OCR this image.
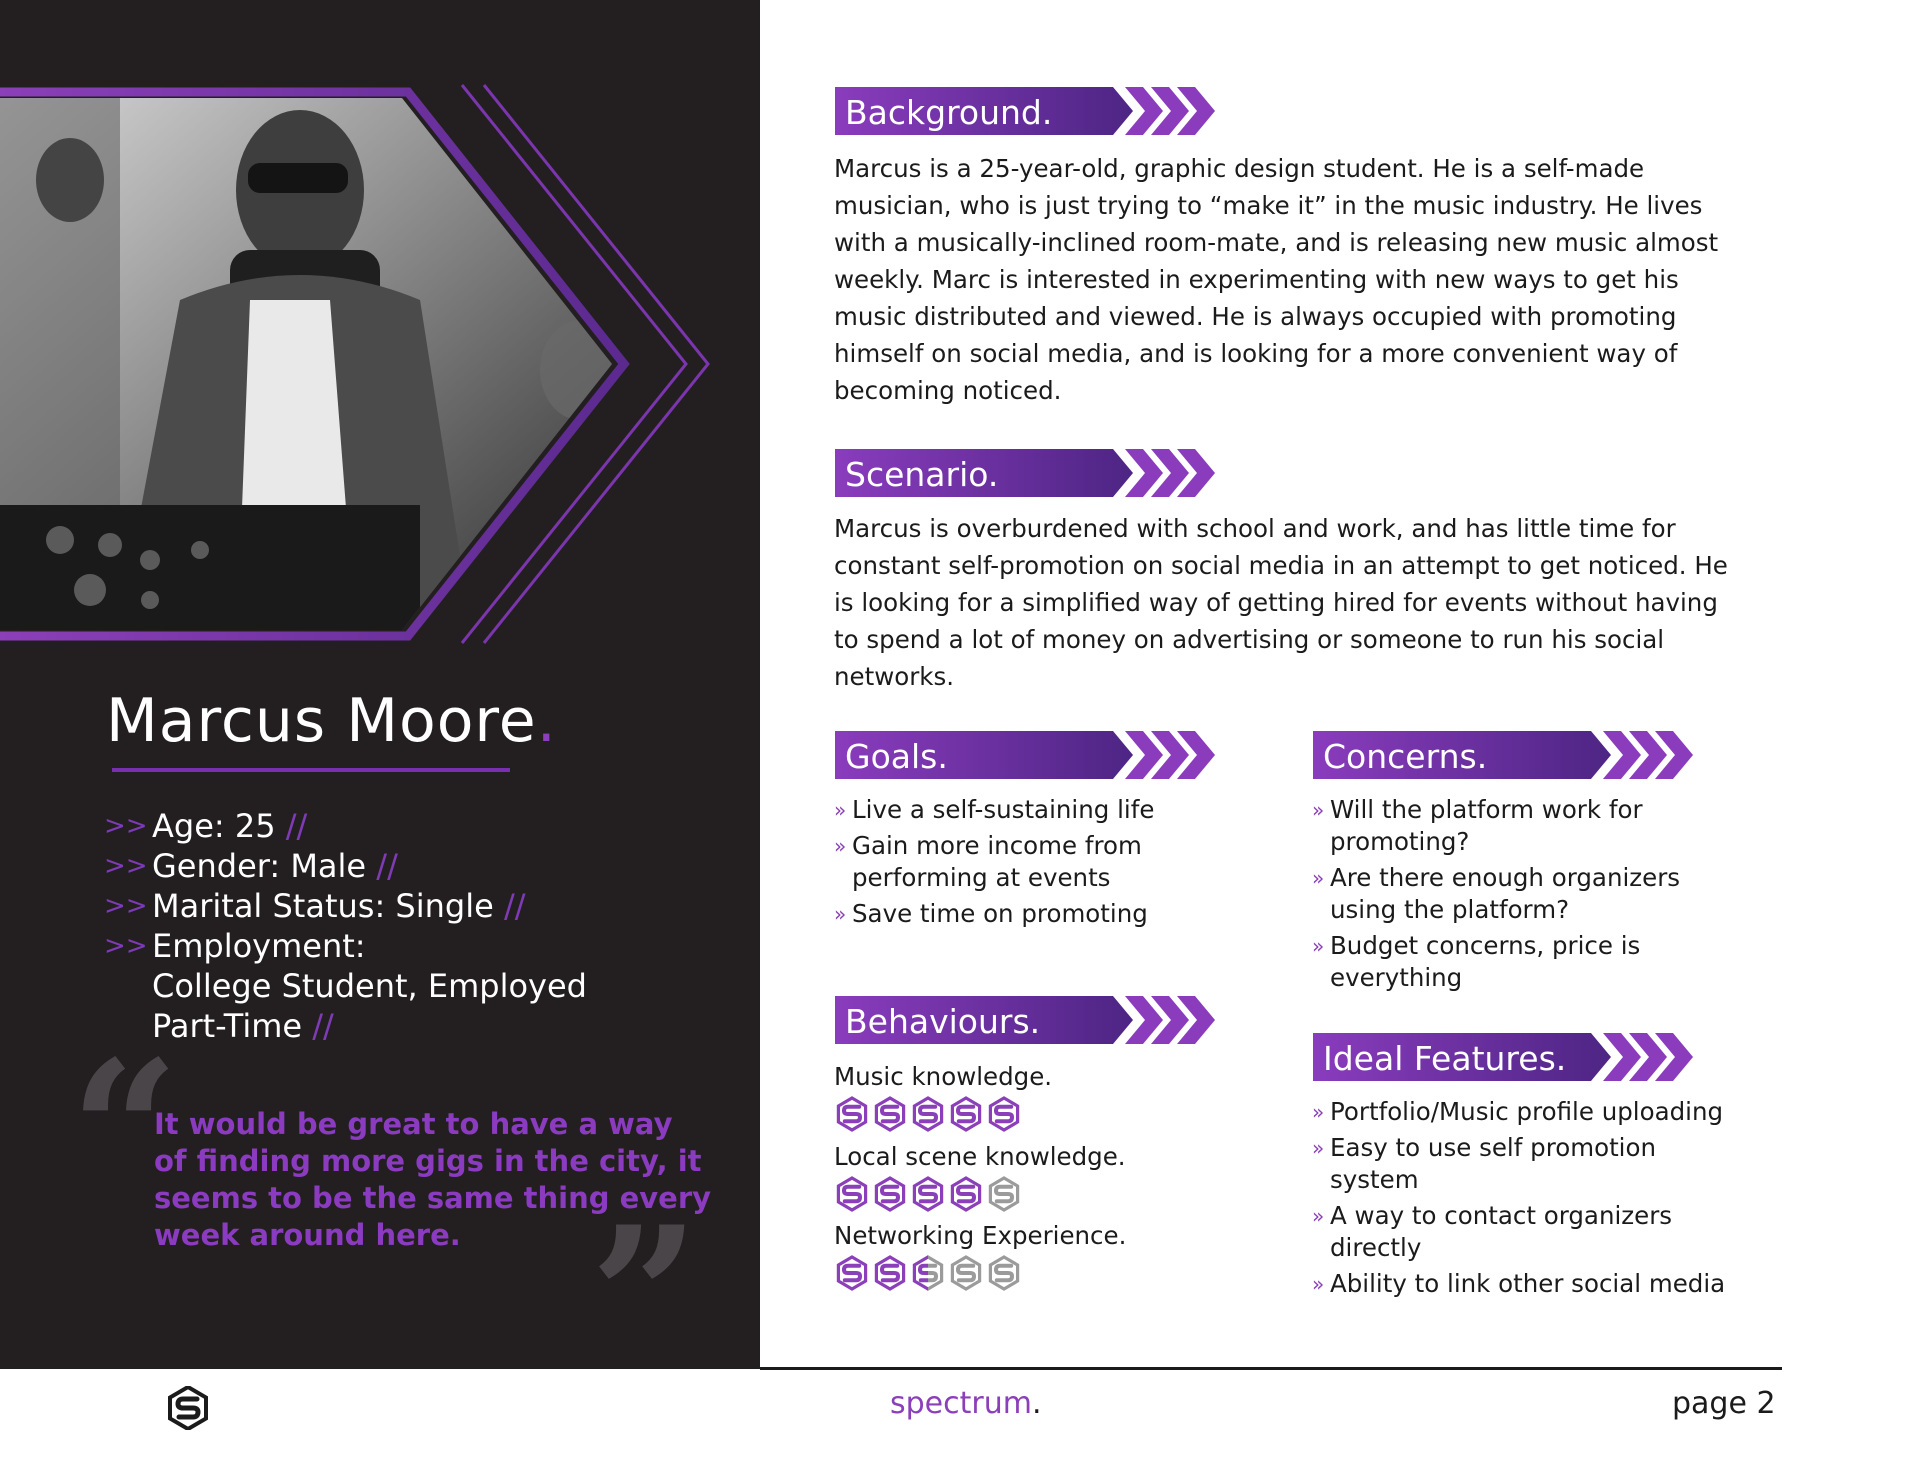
Marcus Moore.
>> Age: 25 //
>> Gender: Male //
>> Marital Status: Single //
>> Employment:
College Student, Employed
Part-Time //
“
It would be great to have a way of finding more gigs in the city, it seems to be the same thing every week around here. ”
Background.
Marcus is a 25-year-old, graphic design student. He is a self-made
musician, who is just trying to “make it” in the music industry. He lives
with a musically-inclined room-mate, and is releasing new music almost
weekly. Marc is interested in experimenting with new ways to get his
music distributed and viewed. He is always occupied with promoting
himself on social media, and is looking for a more convenient way of
becoming noticed.
Scenario.
Marcus is overburdened with school and work, and has little time for
constant self-promotion on social media in an attempt to get noticed. He
is looking for a simplified way of getting hired for events without having
to spend a lot of money on advertising or someone to run his social
networks.
Goals.
» Live a self-sustaining life
» Gain more income from
performing at events
» Save time on promoting
Concerns.
» Will the platform work for
promoting?
» Are there enough organizers
using the platform?
» Budget concerns, price is
everything
Behaviours.
Music knowledge.
Local scene knowledge.
Networking Experience.
Ideal Features.
» Portfolio/Music profile uploading
» Easy to use self promotion
system
» A way to contact organizers
directly
» Ability to link other social media
spectrum.	page 2
